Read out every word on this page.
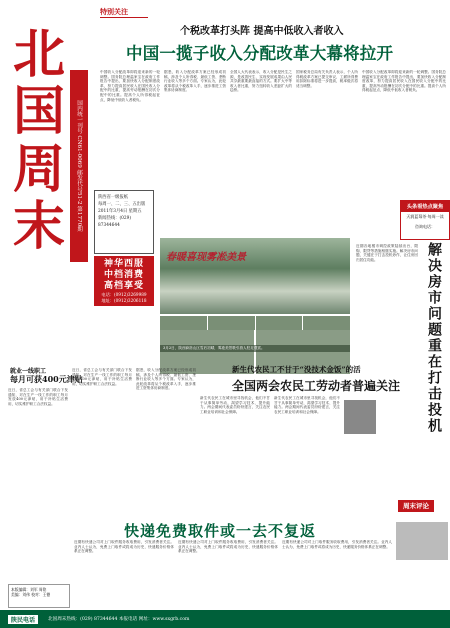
北
国
周
末	国内统一刊号 CN61-0069 邮发代号51-2 第1770期
特别关注
个税改革打头阵 提高中低收入者收入
中国一揽子收入分配改革大幕将拉开
中国收入分配改革即将迎来新的一轮调整。国务院总理温家宝在政府工作报告中提出，要加快收入分配制度改革，努力提高居民收入在国民收入分配中的比重，提高劳动报酬在初次分配中的比重。提高个人所得税起征点，降低中低收入者税负。
据悉，收入分配改革方案已经形成初稿，涉及个人所得税、最低工资、垄断行业收入等多个方面。专家认为，此轮改革将从个税改革入手，逐步推进工资集体协商制度。
全国人大代表表示，收入分配是民生之源，是改善民生、实现发展成果由人民共享最重要最直接的方式。要扩大中等收入者比重，努力扭转收入差距扩大的趋势。
国家税务总局有关负责人表示，个人所得税改革方案已提交审议，工薪所得费用扣除标准将进一步提高，税率级次将适当调整。
中国收入分配改革即将迎来新的一轮调整。国务院总理温家宝在政府工作报告中提出，要加快收入分配制度改革，努力提高居民收入在国民收入分配中的比重，提高劳动报酬在初次分配中的比重。提高个人所得税起征点，降低中低收入者税负。
陕西省一级报纸
每周一、二、三、五出版
2011年3月4日 星期五
新闻热线：(029) 87344644
神华西服
中档消费
高档享受
电话：(0912)3269989
地址：(0912)3206118
春暖喜现雾凇美景
3月2日，陕西商洛山区雪后初晴，雾凇美景吸引游人驻足观赏。
头条看热点聚焦
天润蓝莓茶·每周一读
咨询电话：
解决房市问题重在打击投机
近期各地楼市调控政策陆续出台，限购、限贷等措施相继实施。解决房市问题，关键在于打击投机炒作，让住房回归居住功能。
周末评论
就业一线职工
每月可获400元津贴
近日，省总工会与有关部门联合下发通知，对在生产一线工作的职工每月发放400元津贴，用于补贴生活费用，切实维护职工合法权益。
近日，省总工会与有关部门联合下发通知，对在生产一线工作的职工每月发放400元津贴，用于补贴生活费用，切实维护职工合法权益。
据悉，收入分配改革方案已经形成初稿，涉及个人所得税、最低工资、垄断行业收入等多个方面。专家认为，此轮改革将从个税改革入手，逐步推进工资集体协商制度。
新生代农民工不甘于“没技术金饭”的活
全国两会农民工劳动者普遍关注
新生代农民工在城市里寻找机会，他们不甘于从事简单劳动，渴望学习技术、提升能力。两会期间代表委员纷纷建言，关注农民工职业培训和社会保障。
新生代农民工在城市里寻找机会，他们不甘于从事简单劳动，渴望学习技术、提升能力。两会期间代表委员纷纷建言，关注农民工职业培训和社会保障。
快递免费取件或一去不复返
近期有快递公司对上门取件服务收取费用，引发消费者关注。业内人士认为，免费上门取件或将成为历史，快递服务价格体系正在调整。
近期有快递公司对上门取件服务收取费用，引发消费者关注。业内人士认为，免费上门取件或将成为历史，快递服务价格体系正在调整。
近期有快递公司对上门取件服务收取费用，引发消费者关注。业内人士认为，免费上门取件或将成为历史，快递服务价格体系正在调整。
本版编辑：刘军 周铭
美编：刘伟 校对：王德
陕民电话	北国周末热线：(029) 87344644 本报电话 网址：www.sxgrb.com
